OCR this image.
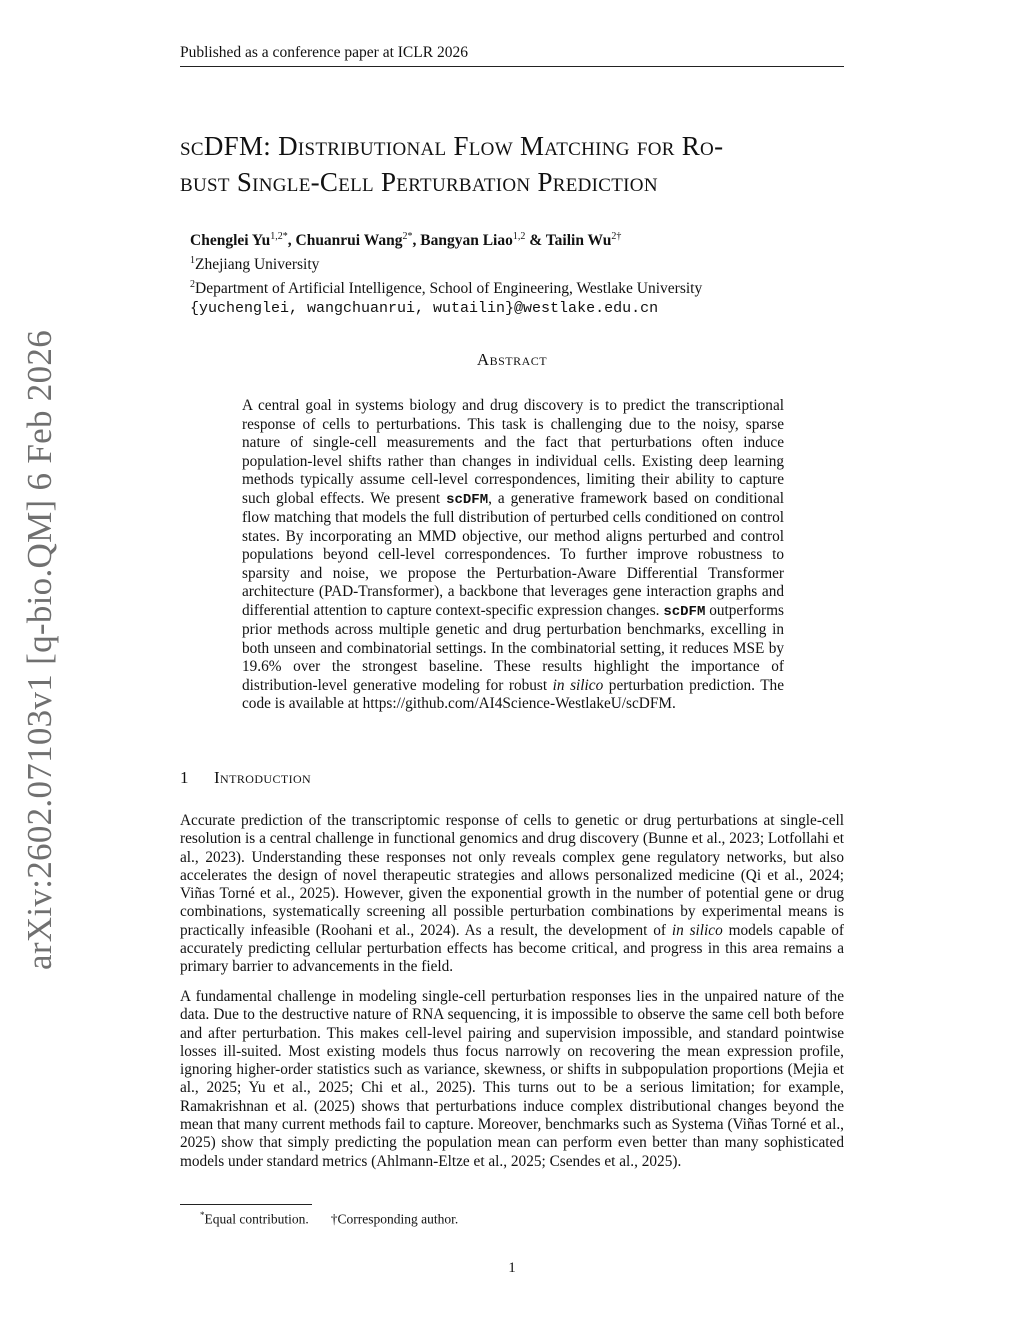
Published as a conference paper at ICLR 2026
scDFM: Distributional Flow Matching for Ro-
bust Single-Cell Perturbation Prediction
Chenglei $Yu^{1,2*}$, Chuanrui Wang$^{2*}$, Bangyan Liao$^{1,2}$ & Tailin $Wu^{2\dagger}$
$^1$Zhejiang University
$^2$Department of Artificial Intelligence, School of Engineering, Westlake University
{yuchenglei, wangchuanrui, wutailin}@westlake.edu.cn
Abstract
A central goal in systems biology and drug discovery is to predict the transcriptional response of cells to perturbations. This task is challenging due to the noisy, sparse nature of single-cell measurements and the fact that perturbations often induce population-level shifts rather than changes in individual cells. Existing deep learning methods typically assume cell-level correspondences, limiting their ability to capture such global effects. We present scDFM, a generative framework based on conditional flow matching that models the full distribution of perturbed cells conditioned on control states. By incorporating an MMD objective, our method aligns perturbed and control populations beyond cell-level correspondences. To further improve robustness to sparsity and noise, we propose the Perturbation-Aware Differential Transformer architecture (PAD-Transformer), a backbone that leverages gene interaction graphs and differential attention to capture context-specific expression changes. scDFM outperforms prior methods across multiple genetic and drug perturbation benchmarks, excelling in both unseen and combinatorial settings. In the combinatorial setting, it reduces MSE by 19.6% over the strongest baseline. These results highlight the importance of distribution-level generative modeling for robust in silico perturbation prediction. The code is available at https://github.com/AI4Science-WestlakeU/scDFM.
1 Introduction
Accurate prediction of the transcriptomic response of cells to genetic or drug perturbations at single-cell resolution is a central challenge in functional genomics and drug discovery (Bunne et al., 2023; Lotfollahi et al., 2023). Understanding these responses not only reveals complex gene regulatory networks, but also accelerates the design of novel therapeutic strategies and allows personalized medicine (Qi et al., 2024; Viñas Torné et al., 2025). However, given the exponential growth in the number of potential gene or drug combinations, systematically screening all possible perturbation combinations by experimental means is practically infeasible (Roohani et al., 2024). As a result, the development of in silico models capable of accurately predicting cellular perturbation effects has become critical, and progress in this area remains a primary barrier to advancements in the field.
A fundamental challenge in modeling single-cell perturbation responses lies in the unpaired nature of the data. Due to the destructive nature of RNA sequencing, it is impossible to observe the same cell both before and after perturbation. This makes cell-level pairing and supervision impossible, and standard pointwise losses ill-suited. Most existing models thus focus narrowly on recovering the mean expression profile, ignoring higher-order statistics such as variance, skewness, or shifts in subpopulation proportions (Mejia et al., 2025; Yu et al., 2025; Chi et al., 2025). This turns out to be a serious limitation; for example, Ramakrishnan et al. (2025) shows that perturbations induce complex distributional changes beyond the mean that many current methods fail to capture. Moreover, benchmarks such as Systema (Viñas Torné et al., 2025) show that simply predicting the population mean can perform even better than many sophisticated models under standard metrics (Ahlmann-Eltze et al., 2025; Csendes et al., 2025).
*Equal contribution. †Corresponding author.
1
arXiv:2602.07103v1 [q-bio.QM] 6 Feb 2026
